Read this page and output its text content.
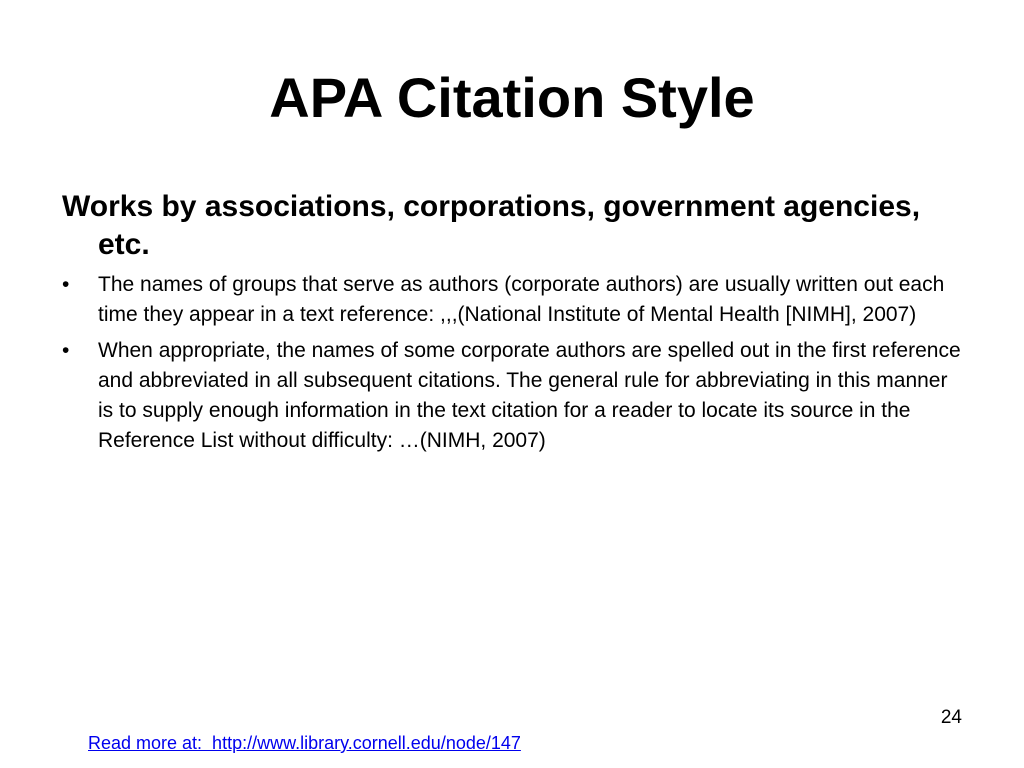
APA Citation Style

Works by associations, corporations, government agencies, etc.

•	The names of groups that serve as authors (corporate authors) are usually written out each time they appear in a text reference: ,,,(National Institute of Mental Health [NIMH], 2007)
•	When appropriate, the names of some corporate authors are spelled out in the first reference and abbreviated in all subsequent citations. The general rule for abbreviating in this manner is to supply enough information in the text citation for a reader to locate its source in the Reference List without difficulty: …(NIMH, 2007)
24
Read more at:  http://www.library.cornell.edu/node/147
